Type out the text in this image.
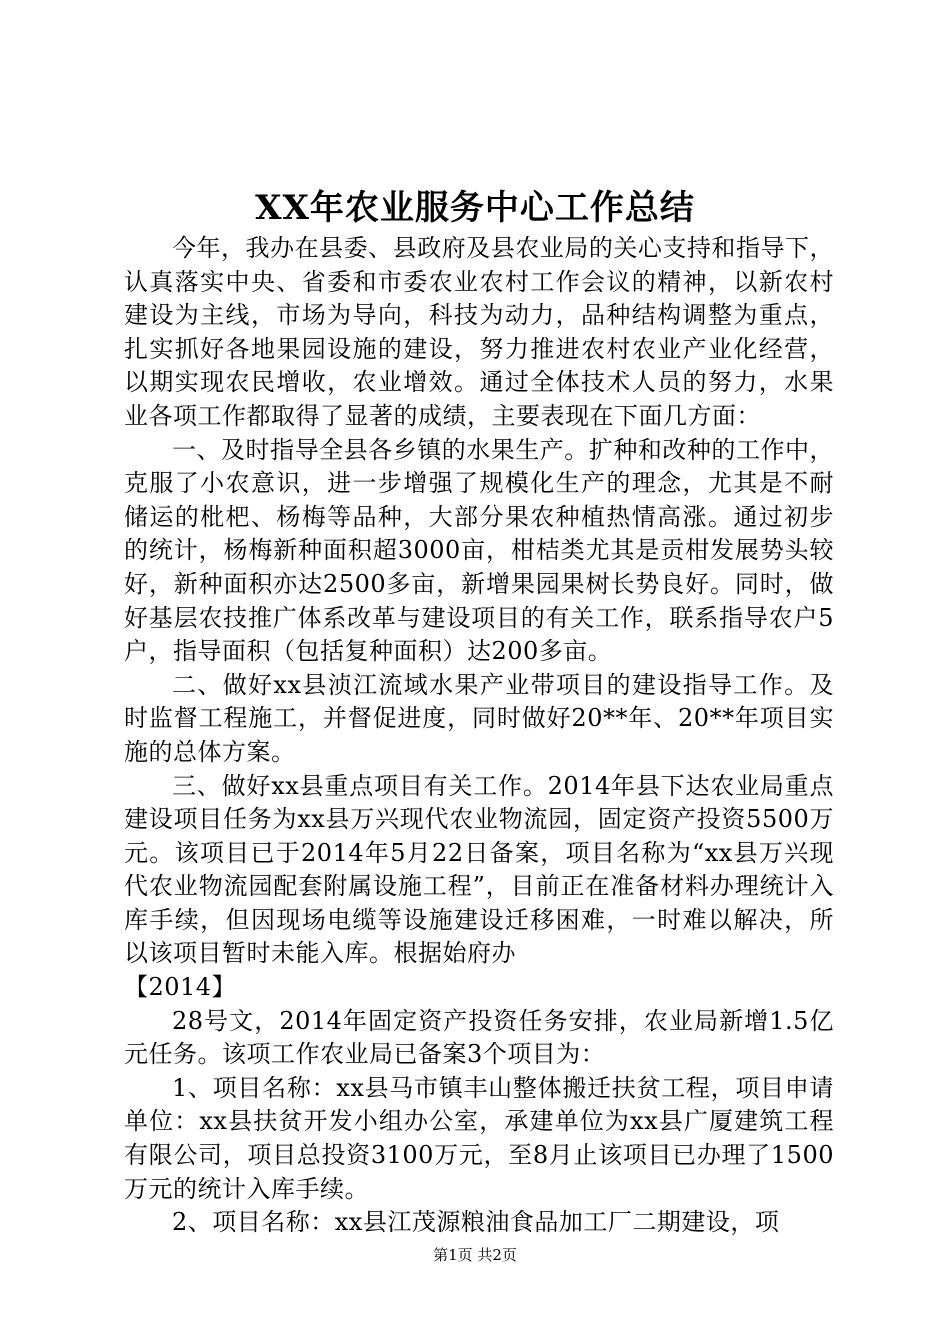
XX年农业服务中心工作总结

今年，我办在县委、县政府及县农业局的关心支持和指导下，认真落实中央、省委和市委农业农村工作会议的精神，以新农村建设为主线，市场为导向，科技为动力，品种结构调整为重点，扎实抓好各地果园设施的建设，努力推进农村农业产业化经营，以期实现农民增收，农业增效。通过全体技术人员的努力，水果业各项工作都取得了显著的成绩，主要表现在下面几方面：

一、及时指导全县各乡镇的水果生产。扩种和改种的工作中，克服了小农意识，进一步增强了规模化生产的理念，尤其是不耐储运的枇杷、杨梅等品种，大部分果农种植热情高涨。通过初步的统计，杨梅新种面积超3000亩，柑桔类尤其是贡柑发展势头较好，新种面积亦达2500多亩，新增果园果树长势良好。同时，做好基层农技推广体系改革与建设项目的有关工作，联系指导农户5户，指导面积（包括复种面积）达200多亩。

二、做好xx县浈江流域水果产业带项目的建设指导工作。及时监督工程施工，并督促进度，同时做好20**年、20**年项目实施的总体方案。

三、做好xx县重点项目有关工作。2014年县下达农业局重点建设项目任务为xx县万兴现代农业物流园，固定资产投资5500万元。该项目已于2014年5月22日备案，项目名称为“xx县万兴现代农业物流园配套附属设施工程”，目前正在准备材料办理统计入库手续，但因现场电缆等设施建设迁移困难，一时难以解决，所以该项目暂时未能入库。根据始府办

【2014】

28号文，2014年固定资产投资任务安排，农业局新增1.5亿元任务。该项工作农业局已备案3个项目为：

1、项目名称：xx县马市镇丰山整体搬迁扶贫工程，项目申请单位：xx县扶贫开发小组办公室，承建单位为xx县广厦建筑工程有限公司，项目总投资3100万元，至8月止该项目已办理了1500万元的统计入库手续。

2、项目名称：xx县江茂源粮油食品加工厂二期建设，项

第1页 共2页
